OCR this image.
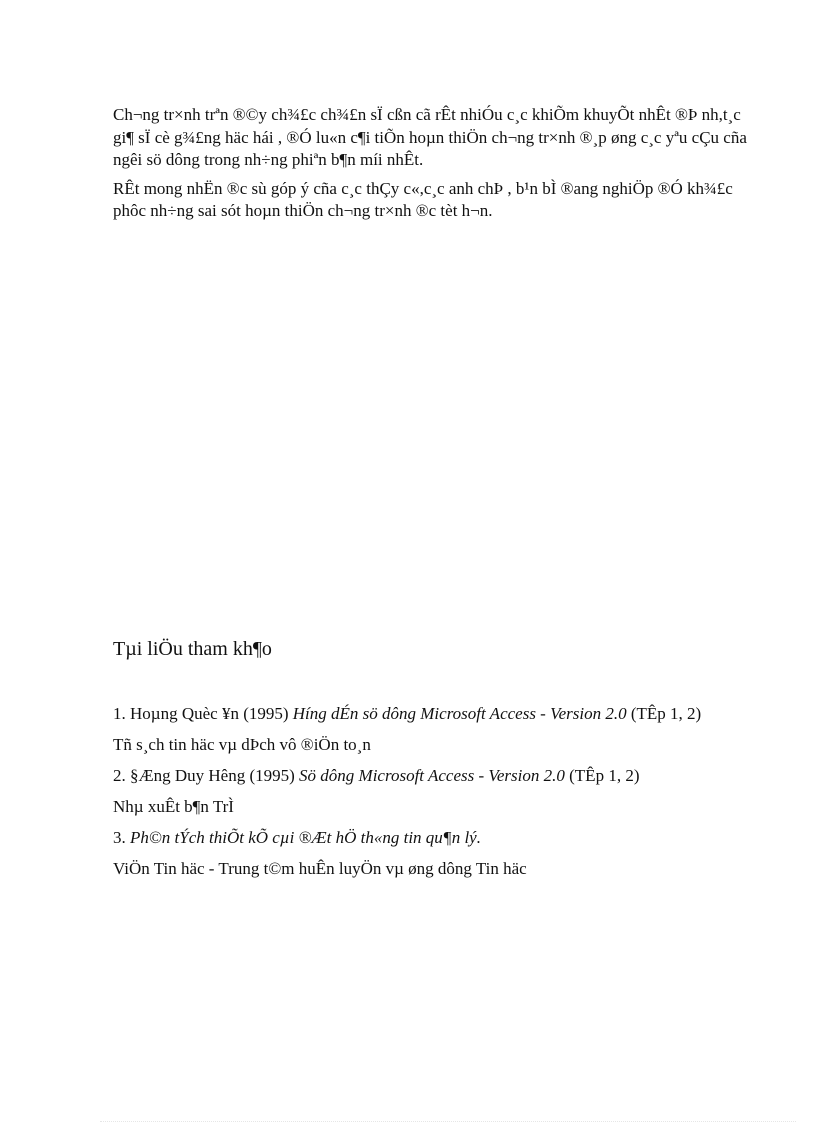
Ch¬ng tr×nh trªn ®©y ch¾£c ch¾£n sÏ cßn cã rÊt nhiÓu c¸c khiÕm khuyÕt nhÊt ®Þ nh,t¸c gi¶ sÏ cè g¾£ng häc hái , ®Ó lu«n c¶i tiÕn hoµn thiÖn ch¬ng tr×nh ®¸p øng c¸c yªu cÇu cña ngêi sö dông trong nh÷ng phiªn b¶n míi nhÊt.

RÊt mong nhËn ®c sù góp ý cña c¸c thÇy c«,c¸c anh chÞ , b¹n bÌ ®ang nghiÖp ®Ó kh¾£c phôc nh÷ng sai sót hoµn thiÖn ch¬ng tr×nh ®c tèt h¬n.

Tµi liÖu tham kh¶o

1. Hoµng Quèc ¥n (1995) Híng dÉn sö dông Microsoft Access - Version 2.0 (TÊp 1, 2)

Tñ s¸ch tin häc vµ dÞch vô ®iÖn to¸n

2. §Æng Duy Hêng (1995) Sö dông Microsoft Access - Version 2.0 (TÊp 1, 2)

Nhµ xuÊt b¶n TrÌ

3. Ph©n tÝch thiÕt kÕ cµi ®Æt hÖ th«ng tin qu¶n lý.

ViÖn Tin häc - Trung t©m huÊn luyÖn vµ øng dông Tin häc
